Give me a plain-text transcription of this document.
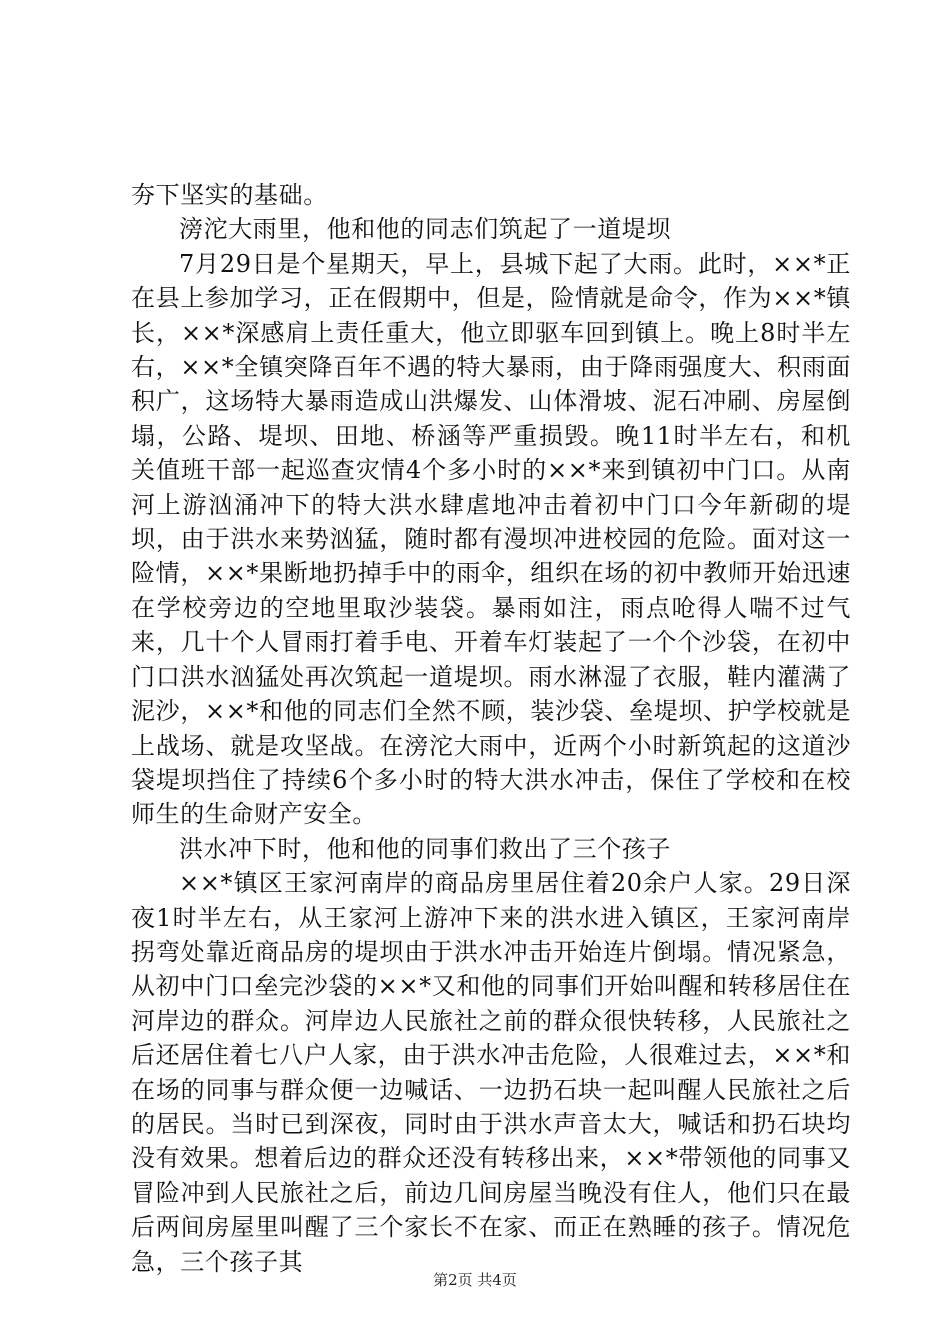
夯下坚实的基础。

滂沱大雨里，他和他的同志们筑起了一道堤坝

7月29日是个星期天，早上，县城下起了大雨。此时，××*正在县上参加学习，正在假期中，但是，险情就是命令，作为××*镇长，××*深感肩上责任重大，他立即驱车回到镇上。晚上8时半左右，××*全镇突降百年不遇的特大暴雨，由于降雨强度大、积雨面积广，这场特大暴雨造成山洪爆发、山体滑坡、泥石冲刷、房屋倒塌，公路、堤坝、田地、桥涵等严重损毁。晚11时半左右，和机关值班干部一起巡查灾情4个多小时的××*来到镇初中门口。从南河上游汹涌冲下的特大洪水肆虐地冲击着初中门口今年新砌的堤坝，由于洪水来势汹猛，随时都有漫坝冲进校园的危险。面对这一险情，××*果断地扔掉手中的雨伞，组织在场的初中教师开始迅速在学校旁边的空地里取沙装袋。暴雨如注，雨点呛得人喘不过气来，几十个人冒雨打着手电、开着车灯装起了一个个沙袋，在初中门口洪水汹猛处再次筑起一道堤坝。雨水淋湿了衣服，鞋内灌满了泥沙，××*和他的同志们全然不顾，装沙袋、垒堤坝、护学校就是上战场、就是攻坚战。在滂沱大雨中，近两个小时新筑起的这道沙袋堤坝挡住了持续6个多小时的特大洪水冲击，保住了学校和在校师生的生命财产安全。

洪水冲下时，他和他的同事们救出了三个孩子

××*镇区王家河南岸的商品房里居住着20余户人家。29日深夜1时半左右，从王家河上游冲下来的洪水进入镇区，王家河南岸拐弯处靠近商品房的堤坝由于洪水冲击开始连片倒塌。情况紧急，从初中门口垒完沙袋的××*又和他的同事们开始叫醒和转移居住在河岸边的群众。河岸边人民旅社之前的群众很快转移，人民旅社之后还居住着七八户人家，由于洪水冲击危险，人很难过去，××*和在场的同事与群众便一边喊话、一边扔石块一起叫醒人民旅社之后的居民。当时已到深夜，同时由于洪水声音太大，喊话和扔石块均没有效果。想着后边的群众还没有转移出来，××*带领他的同事又冒险冲到人民旅社之后，前边几间房屋当晚没有住人，他们只在最后两间房屋里叫醒了三个家长不在家、而正在熟睡的孩子。情况危急，三个孩子其

第2页 共4页
